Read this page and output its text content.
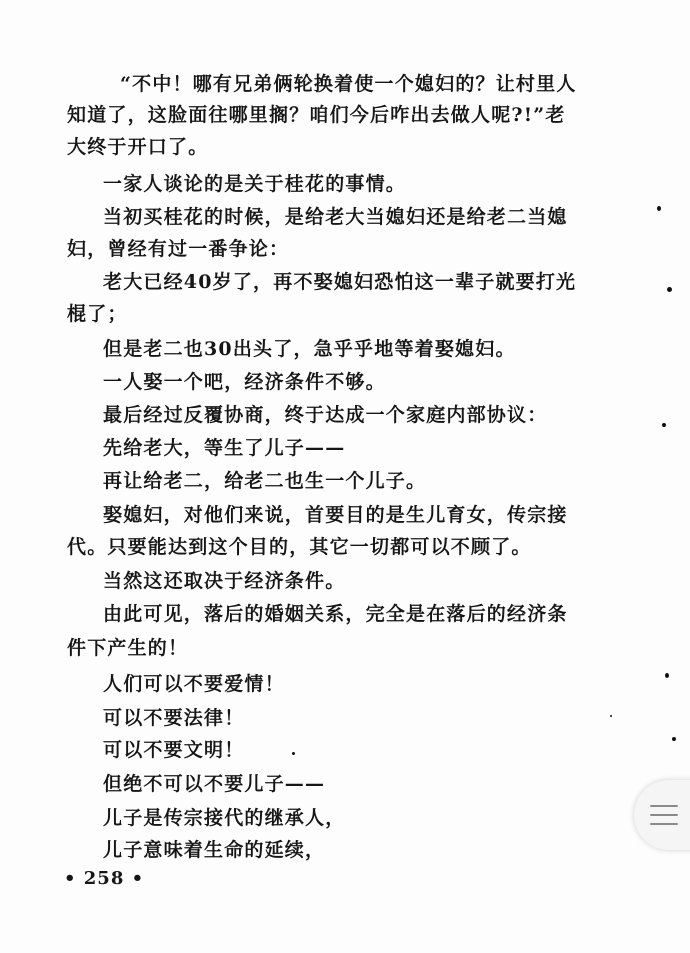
“不中！哪有兄弟俩轮换着使一个媳妇的？让村里人
知道了，这脸面往哪里搁？咱们今后咋出去做人呢?!”老
大终于开口了。
一家人谈论的是关于桂花的事情。
当初买桂花的时候，是给老大当媳妇还是给老二当媳
妇，曾经有过一番争论：
老大已经40岁了，再不娶媳妇恐怕这一辈子就要打光
棍了；
但是老二也30出头了，急乎乎地等着娶媳妇。
一人娶一个吧，经济条件不够。
最后经过反覆协商，终于达成一个家庭内部协议：
先给老大，等生了儿子——
再让给老二，给老二也生一个儿子。
娶媳妇，对他们来说，首要目的是生儿育女，传宗接
代。只要能达到这个目的，其它一切都可以不顾了。
当然这还取决于经济条件。
由此可见，落后的婚姻关系，完全是在落后的经济条
件下产生的！
人们可以不要爱情！
可以不要法律！
可以不要文明！
但绝不可以不要儿子——
儿子是传宗接代的继承人，
儿子意味着生命的延续，
• 258 •
